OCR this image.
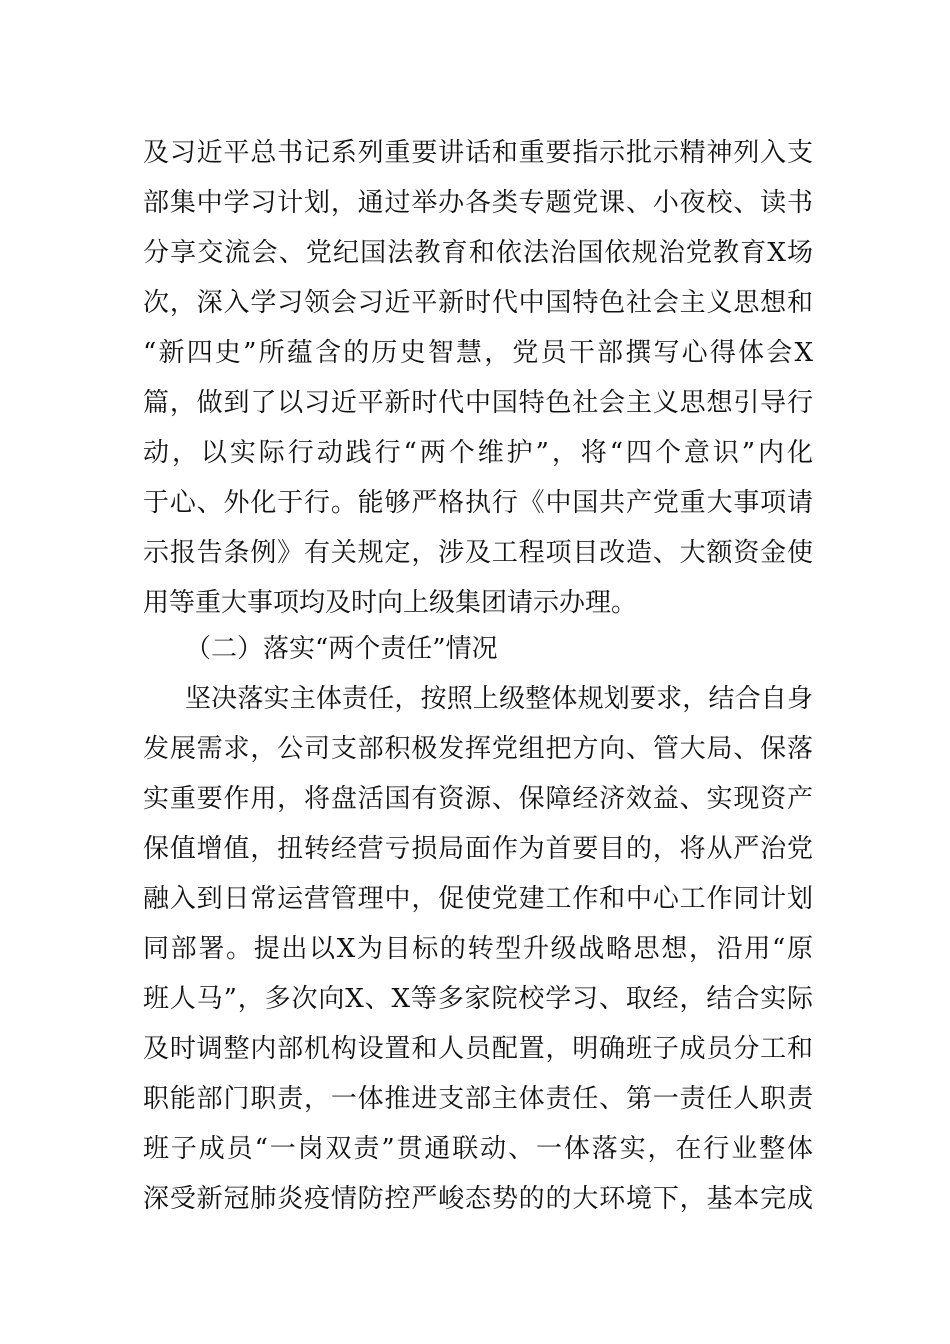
及习近平总书记系列重要讲话和重要指示批示精神列入支
部集中学习计划，通过举办各类专题党课、小夜校、读书
分享交流会、党纪国法教育和依法治国依规治党教育X场
次，深入学习领会习近平新时代中国特色社会主义思想和
“新四史”所蕴含的历史智慧，党员干部撰写心得体会X
篇，做到了以习近平新时代中国特色社会主义思想引导行
动，以实际行动践行“两个维护”，将“四个意识”内化
于心、外化于行。能够严格执行《中国共产党重大事项请
示报告条例》有关规定，涉及工程项目改造、大额资金使
用等重大事项均及时向上级集团请示办理。
（二）落实“两个责任”情况
坚决落实主体责任，按照上级整体规划要求，结合自身
发展需求，公司支部积极发挥党组把方向、管大局、保落
实重要作用，将盘活国有资源、保障经济效益、实现资产
保值增值，扭转经营亏损局面作为首要目的，将从严治党
融入到日常运营管理中，促使党建工作和中心工作同计划
同部署。提出以X为目标的转型升级战略思想，沿用“原
班人马”，多次向X、X等多家院校学习、取经，结合实际
及时调整内部机构设置和人员配置，明确班子成员分工和
职能部门职责，一体推进支部主体责任、第一责任人职责
班子成员“一岗双责”贯通联动、一体落实，在行业整体
深受新冠肺炎疫情防控严峻态势的的大环境下，基本完成
